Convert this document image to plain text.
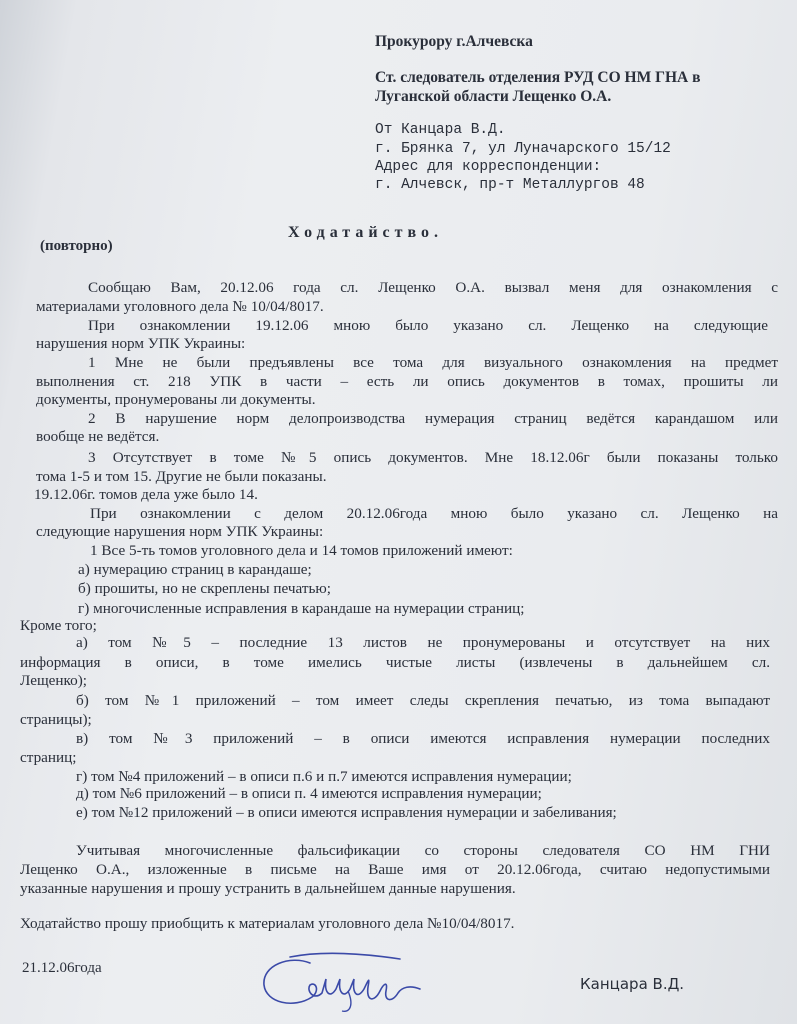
Прокурору г.Алчевска
Ст. следователь отделения РУД СО НМ ГНА в
Луганской области Лещенко О.А.
От Канцара В.Д.
г. Брянка 7, ул Луначарского 15/12
Адрес для корреспонденции:
г. Алчевск, пр-т Металлургов 48
Ходатайство.
(повторно)
Сообщаю Вам, 20.12.06 года сл. Лещенко О.А. вызвал меня для ознакомления с
материалами уголовного дела № 10/04/8017.
При ознакомлении 19.12.06 мною было указано сл. Лещенко на следующие
нарушения норм УПК Украины:
1 Мне не были предъявлены все тома для визуального ознакомления на предмет
выполнения ст. 218 УПК в части – есть ли опись документов в томах, прошиты ли
документы, пронумерованы ли документы.
2 В нарушение норм делопроизводства нумерация страниц ведётся карандашом или
вообще не ведётся.
3 Отсутствует в томе №5 опись документов. Мне 18.12.06г были показаны только
тома 1-5 и том 15. Другие не были показаны.
19.12.06г. томов дела уже было 14.
При ознакомлении с делом 20.12.06года мною было указано сл. Лещенко на
следующие нарушения норм УПК Украины:
1 Все 5-ть томов уголовного дела и 14 томов приложений имеют:
а) нумерацию страниц в карандаше;
б) прошиты, но не скреплены печатью;
г) многочисленные исправления в карандаше на нумерации страниц;
Кроме того;
а) том №5 – последние 13 листов не пронумерованы и отсутствует на них
информация в описи, в томе имелись чистые листы (извлечены в дальнейшем сл.
Лещенко);
б) том №1 приложений – том имеет следы скрепления печатью, из тома выпадают
страницы);
в) том №3 приложений – в описи имеются исправления нумерации последних
страниц;
г) том №4 приложений – в описи п.6 и п.7 имеются исправления нумерации;
д) том №6 приложений – в описи п. 4 имеются исправления нумерации;
е) том №12 приложений – в описи имеются исправления нумерации и забеливания;
Учитывая многочисленные фальсификации со стороны следователя СО НМ ГНИ
Лещенко О.А., изложенные в письме на Ваше имя от 20.12.06года, считаю недопустимыми
указанные нарушения и прошу устранить в дальнейшем данные нарушения.
Ходатайство прошу приобщить к материалам уголовного дела №10/04/8017.
21.12.06года
Канцара В.Д.
